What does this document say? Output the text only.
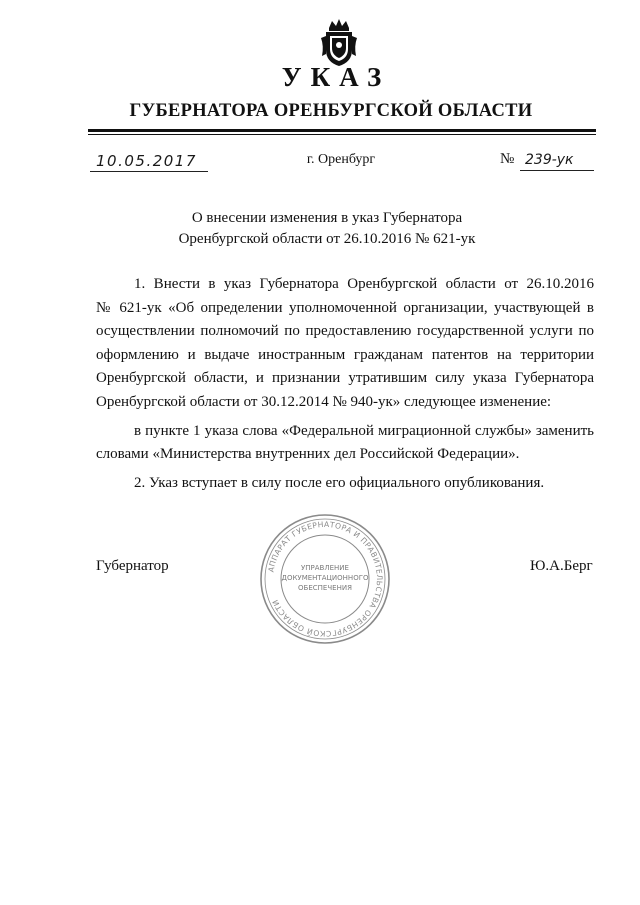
УКАЗ
ГУБЕРНАТОРА ОРЕНБУРГСКОЙ ОБЛАСТИ
10.05.2017	г. Оренбург	№ 239-ук
О внесении изменения в указ Губернатора
Оренбургской области от 26.10.2016 № 621-ук

1. Внести в указ Губернатора Оренбургской области от 26.10.2016

№ 621-ук «Об определении уполномоченной организации, участвующей в

осуществлении полномочий по предоставлению государственной услуги по

оформлению и выдаче иностранным гражданам патентов на территории

Оренбургской области, и признании утратившим силу указа Губернатора

Оренбургской области от 30.12.2014 № 940-ук» следующее изменение:

в пункте 1 указа слова «Федеральной миграционной службы» заменить

словами «Министерства внутренних дел Российской Федерации».

2. Указ вступает в силу после его официального опубликования.

Губернатор	Ю.А.Берг
АППАРАТ ГУБЕРНАТОРА И ПРАВИТЕЛЬСТВА ОРЕНБУРГСКОЙ ОБЛАСТИ
УПРАВЛЕНИЕ
ДОКУМЕНТАЦИОННОГО
ОБЕСПЕЧЕНИЯ
